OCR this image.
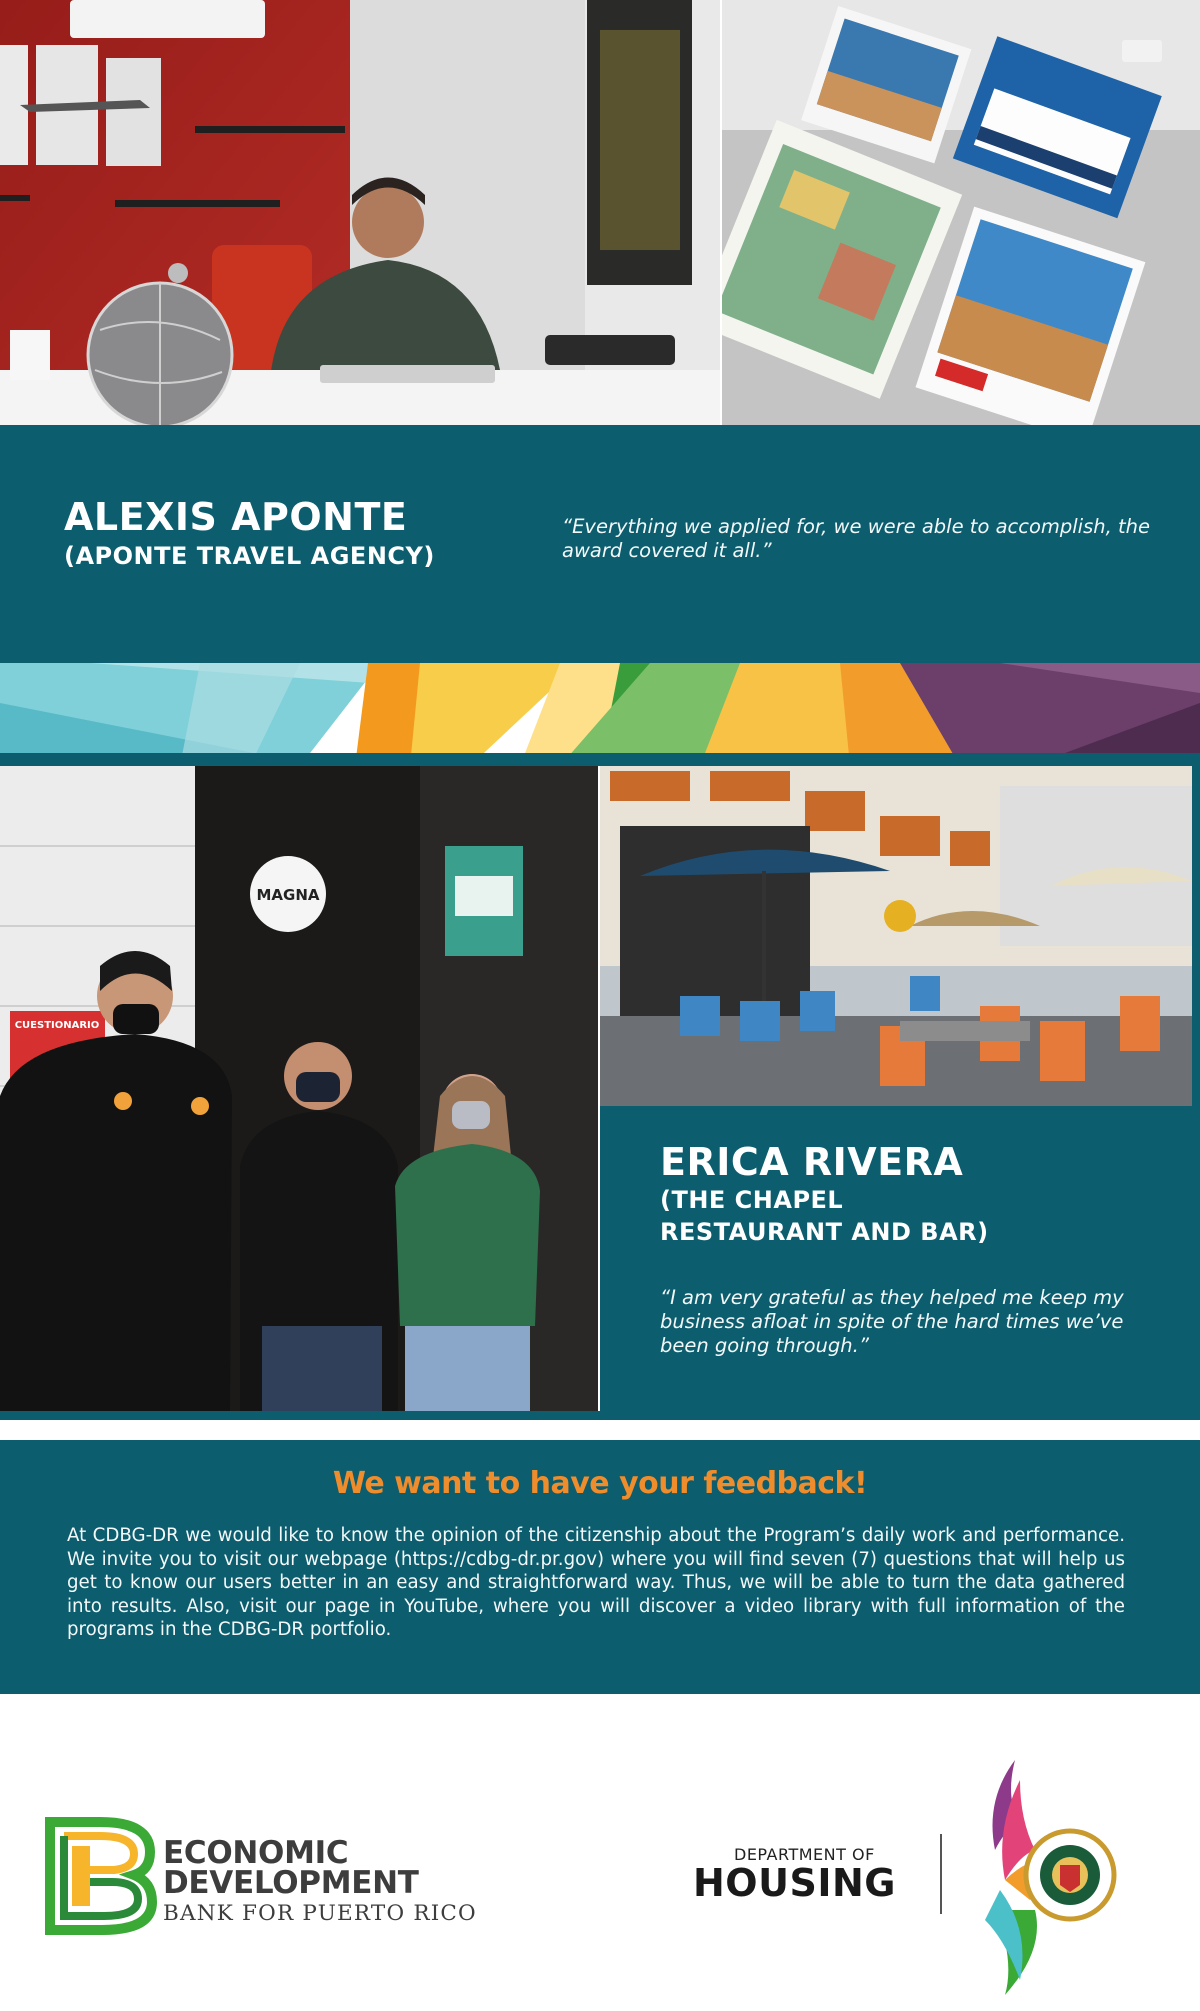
ALEXIS APONTE
(APONTE TRAVEL AGENCY)
“Everything we applied for, we were able to accomplish, the award covered it all.”
MAGNA
CUESTIONARIO
ERICA RIVERA
(THE CHAPEL
RESTAURANT AND BAR)
“I am very grateful as they helped me keep my business afloat in spite of the hard times we’ve been going through.”
We want to have your feedback!
At CDBG-DR we would like to know the opinion of the citizenship about the Program’s daily work and performance. We invite you to visit our webpage (https://cdbg-dr.pr.gov) where you will find seven (7) questions that will help us get to know our users better in an easy and straightforward way. Thus, we will be able to turn the data gathered into results. Also, visit our page in YouTube, where you will discover a video library with full information of the programs in the CDBG-DR portfolio.
ECONOMIC
DEVELOPMENT
BANK FOR PUERTO RICO
DEPARTMENT OF
HOUSING
